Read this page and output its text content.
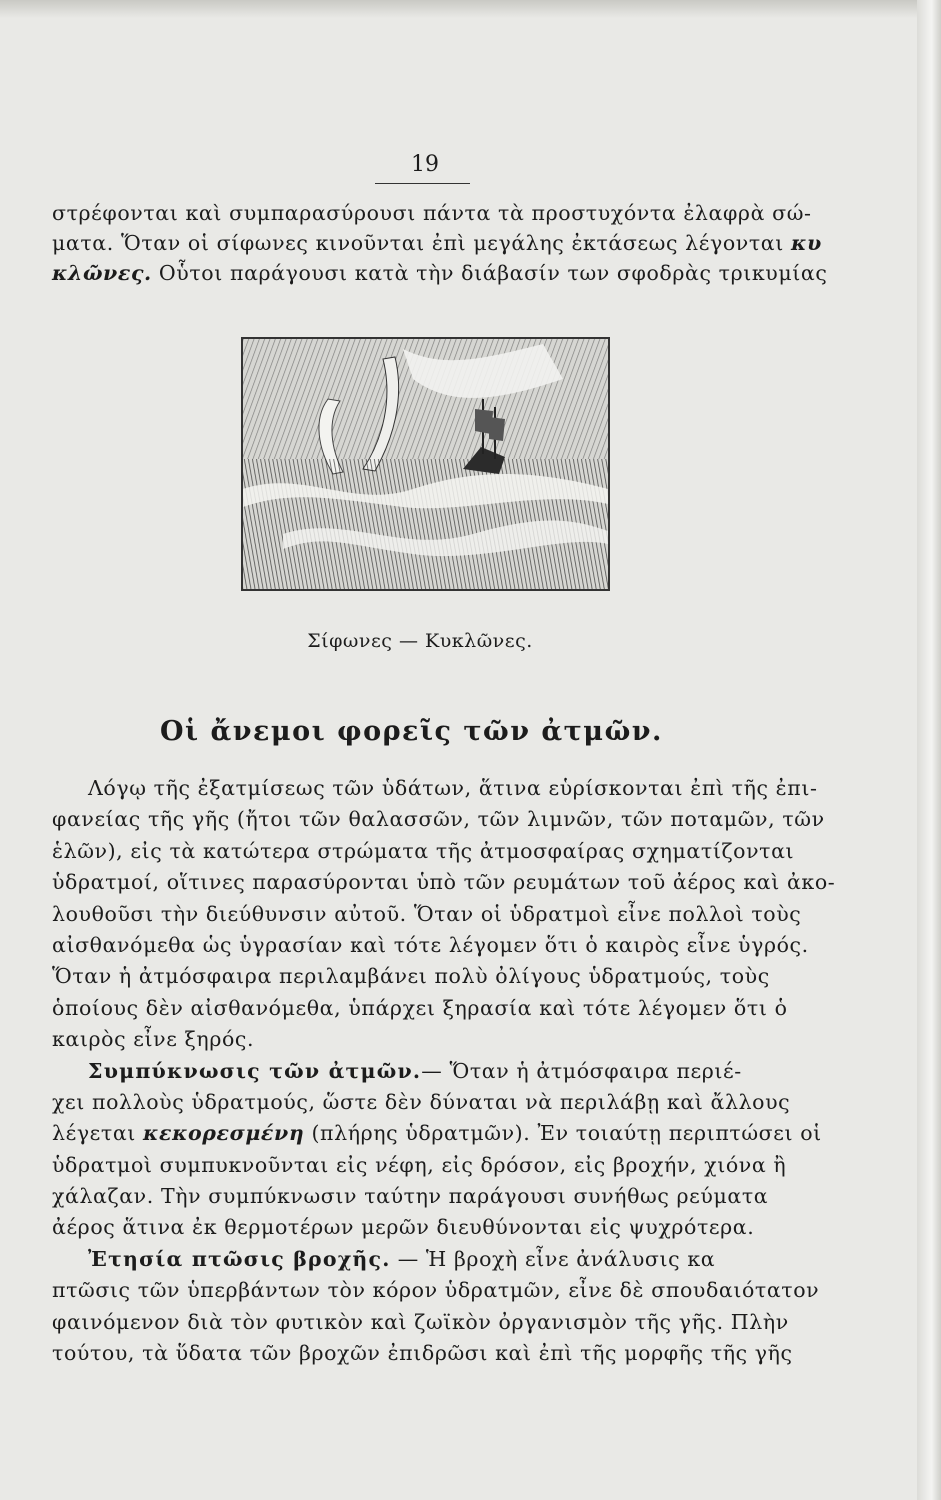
19
στρέφονται καὶ συμπαρασύρουσι πάντα τὰ προστυχόντα ἐλαφρὰ σώ-
ματα. Ὅταν οἱ σίφωνες κινοῦνται ἐπὶ μεγάλης ἐκτάσεως λέγονται κυ
κλῶνες. Οὗτοι παράγουσι κατὰ τὴν διάβασίν των σφοδρὰς τρικυμίας
Σίφωνες — Κυκλῶνες.
Οἱ ἄνεμοι φορεῖς τῶν ἀτμῶν.
Λόγῳ τῆς ἐξατμίσεως τῶν ὑδάτων, ἅτινα εὑρίσκονται ἐπὶ τῆς ἐπι-
φανείας τῆς γῆς (ἤτοι τῶν θαλασσῶν, τῶν λιμνῶν, τῶν ποταμῶν, τῶν
ἑλῶν), εἰς τὰ κατώτερα στρώματα τῆς ἀτμοσφαίρας σχηματίζονται
ὑδρατμοί, οἵτινες παρασύρονται ὑπὸ τῶν ρευμάτων τοῦ ἀέρος καὶ ἀκο-
λουθοῦσι τὴν διεύθυνσιν αὐτοῦ. Ὅταν οἱ ὑδρατμοὶ εἶνε πολλοὶ τοὺς
αἰσθανόμεθα ὡς ὑγρασίαν καὶ τότε λέγομεν ὅτι ὁ καιρὸς εἶνε ὑγρός.
Ὅταν ἡ ἀτμόσφαιρα περιλαμβάνει πολὺ ὀλίγους ὑδρατμούς, τοὺς
ὁποίους δὲν αἰσθανόμεθα, ὑπάρχει ξηρασία καὶ τότε λέγομεν ὅτι ὁ
καιρὸς εἶνε ξηρός.
Συμπύκνωσις τῶν ἀτμῶν.— Ὅταν ἡ ἀτμόσφαιρα περιέ-
χει πολλοὺς ὑδρατμούς, ὥστε δὲν δύναται νὰ περιλάβῃ καὶ ἄλλους
λέγεται κεκορεσμένη (πλήρης ὑδρατμῶν). Ἐν τοιαύτῃ περιπτώσει οἱ
ὑδρατμοὶ συμπυκνοῦνται εἰς νέφη, εἰς δρόσον, εἰς βροχήν, χιόνα ἢ
χάλαζαν. Τὴν συμπύκνωσιν ταύτην παράγουσι συνήθως ρεύματα
ἀέρος ἅτινα ἐκ θερμοτέρων μερῶν διευθύνονται εἰς ψυχρότερα.
Ἐτησία πτῶσις βροχῆς. — Ἡ βροχὴ εἶνε ἀνάλυσις κα
πτῶσις τῶν ὑπερβάντων τὸν κόρον ὑδρατμῶν, εἶνε δὲ σπουδαιότατον
φαινόμενον διὰ τὸν φυτικὸν καὶ ζωϊκὸν ὀργανισμὸν τῆς γῆς. Πλὴν
τούτου, τὰ ὕδατα τῶν βροχῶν ἐπιδρῶσι καὶ ἐπὶ τῆς μορφῆς τῆς γῆς
